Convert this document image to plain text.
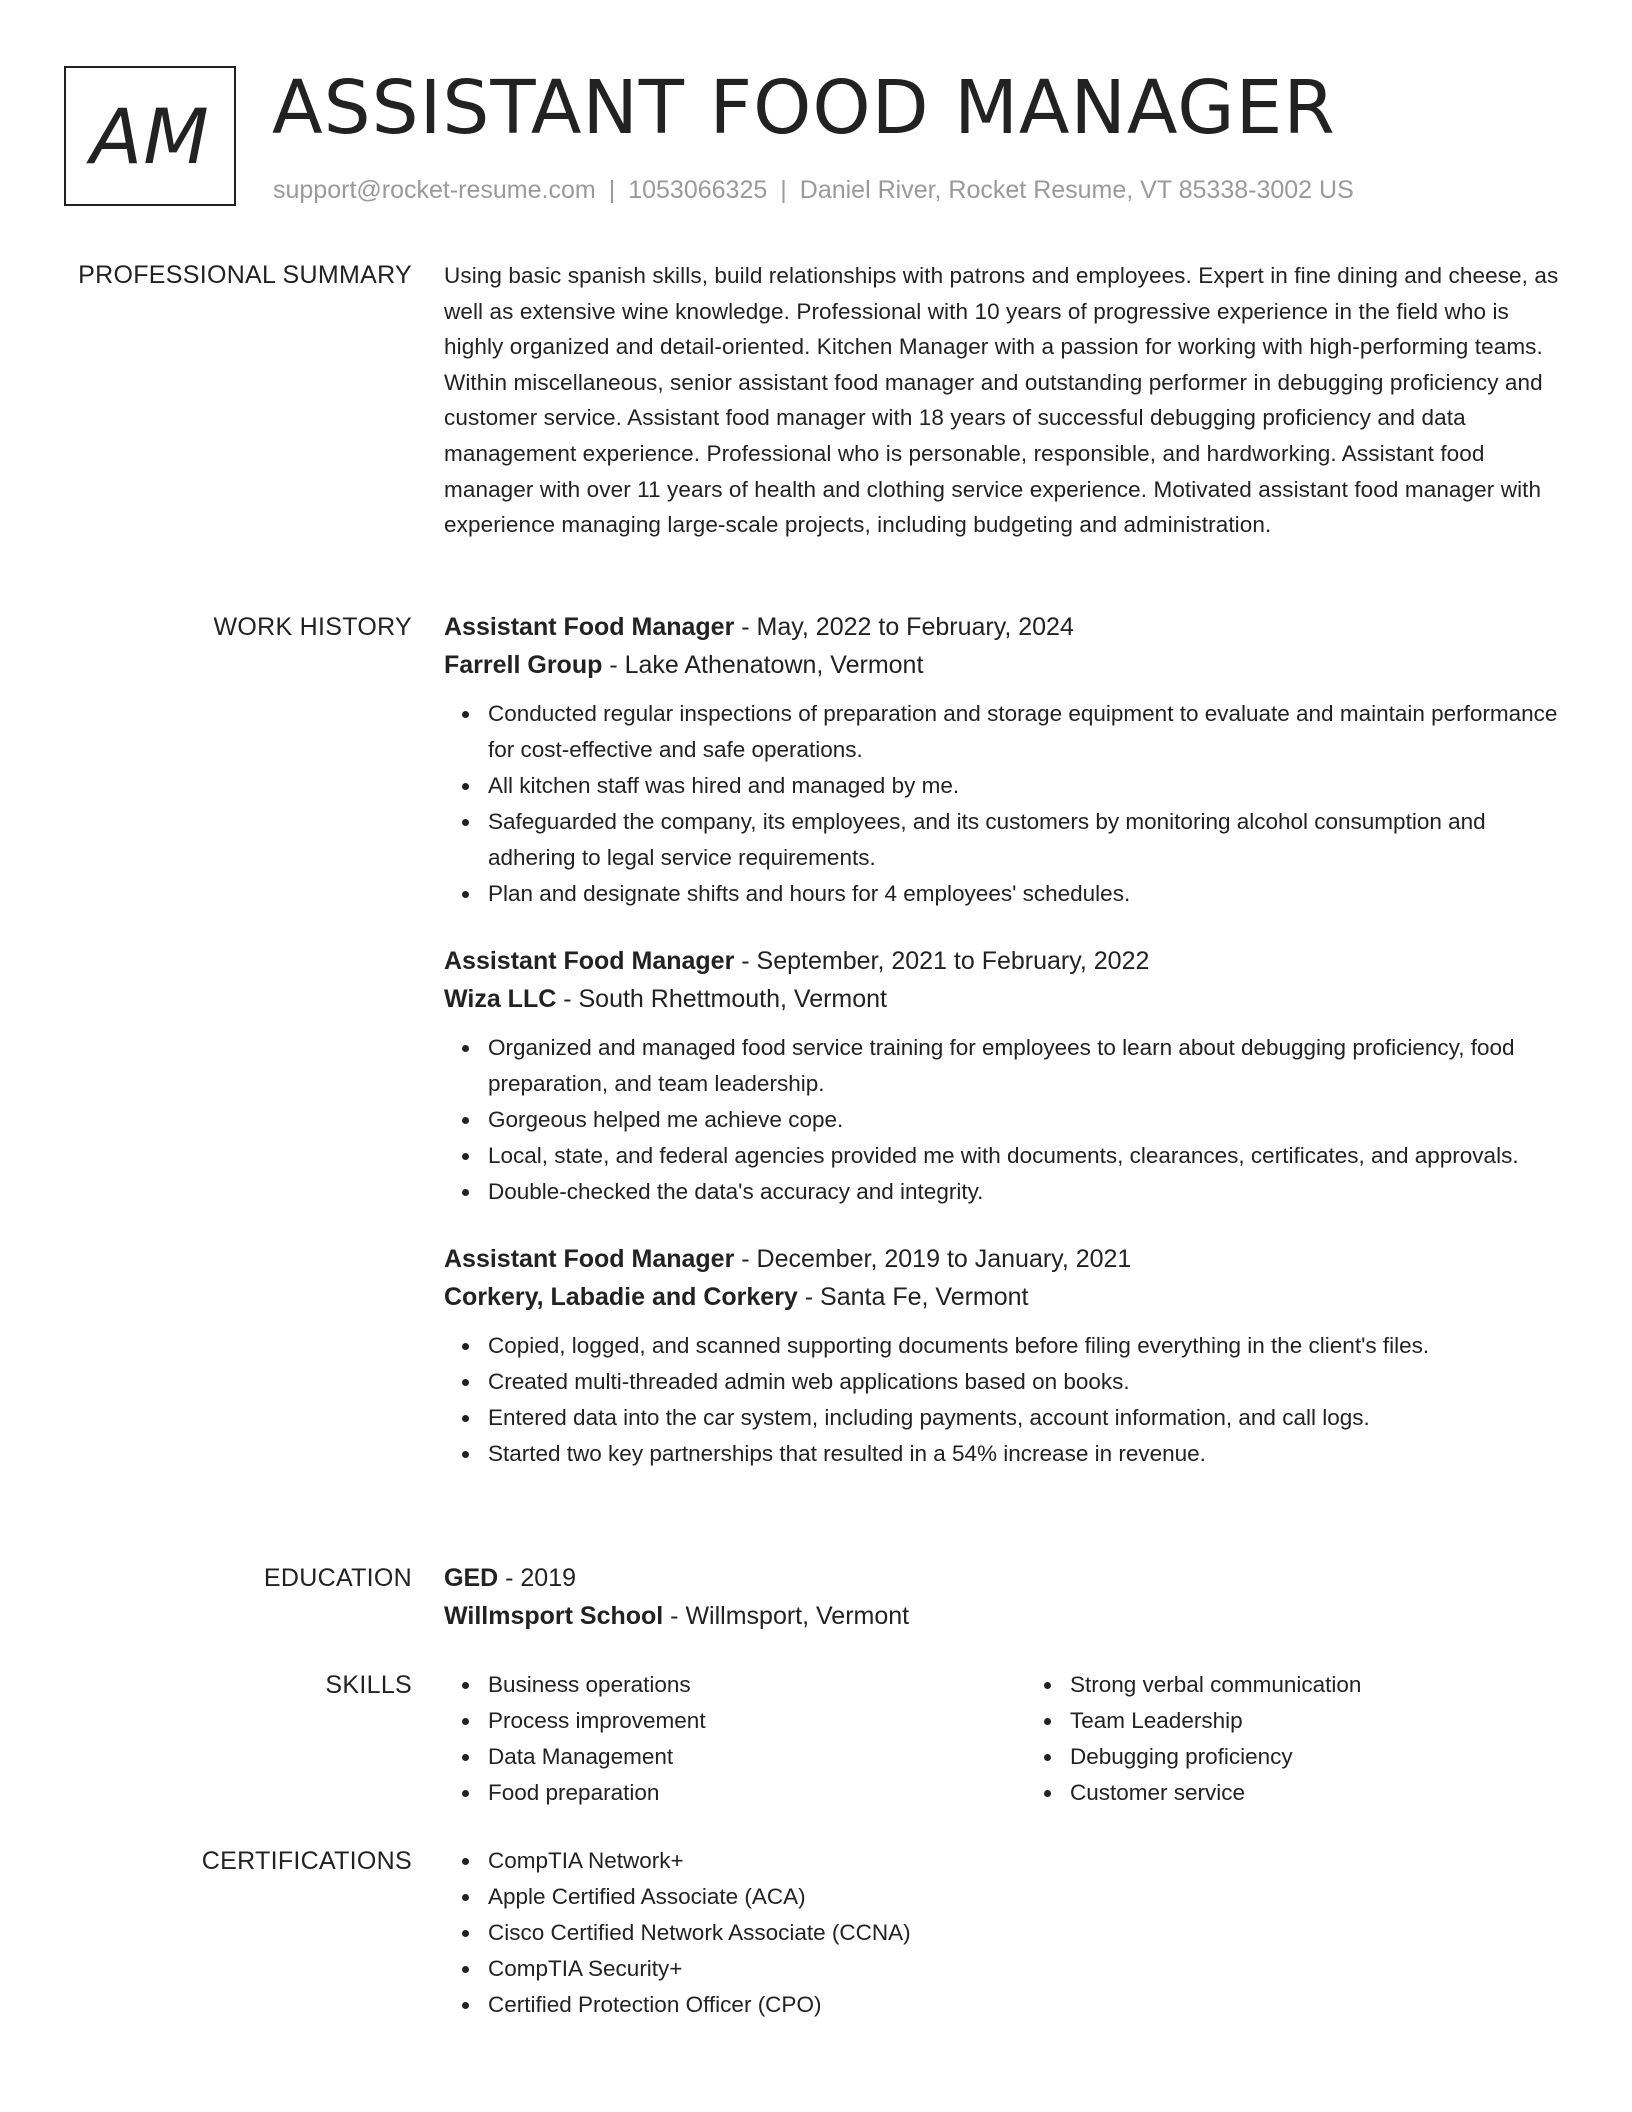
AM ASSISTANT FOOD MANAGER
support@rocket-resume.com | 1053066325 | Daniel River, Rocket Resume, VT 85338-3002 US
PROFESSIONAL SUMMARY Using basic spanish skills, build relationships with patrons and employees. Expert in fine dining and cheese, as well as extensive wine knowledge. Professional with 10 years of progressive experience in the field who is highly organized and detail-oriented. Kitchen Manager with a passion for working with high-performing teams. Within miscellaneous, senior assistant food manager and outstanding performer in debugging proficiency and customer service. Assistant food manager with 18 years of successful debugging proficiency and data management experience. Professional who is personable, responsible, and hardworking. Assistant food manager with over 11 years of health and clothing service experience. Motivated assistant food manager with experience managing large-scale projects, including budgeting and administration.

WORK HISTORY Assistant Food Manager - May, 2022 to February, 2024
Farrell Group - Lake Athenatown, Vermont
Conducted regular inspections of preparation and storage equipment to evaluate and maintain performance for cost-effective and safe operations.
All kitchen staff was hired and managed by me.
Safeguarded the company, its employees, and its customers by monitoring alcohol consumption and adhering to legal service requirements.
Plan and designate shifts and hours for 4 employees' schedules.
Assistant Food Manager - September, 2021 to February, 2022
Wiza LLC - South Rhettmouth, Vermont
Organized and managed food service training for employees to learn about debugging proficiency, food preparation, and team leadership.
Gorgeous helped me achieve cope.
Local, state, and federal agencies provided me with documents, clearances, certificates, and approvals.
Double-checked the data's accuracy and integrity.
Assistant Food Manager - December, 2019 to January, 2021
Corkery, Labadie and Corkery - Santa Fe, Vermont
Copied, logged, and scanned supporting documents before filing everything in the client's files.
Created multi-threaded admin web applications based on books.
Entered data into the car system, including payments, account information, and call logs.
Started two key partnerships that resulted in a 54% increase in revenue.
EDUCATION GED - 2019
Willmsport School - Willmsport, Vermont
SKILLS	Business operations
Process improvement
Data Management
Food preparation
Strong verbal communication
Team Leadership
Debugging proficiency
Customer service
CERTIFICATIONS	CompTIA Network+
Apple Certified Associate (ACA)
Cisco Certified Network Associate (CCNA)
CompTIA Security+
Certified Protection Officer (CPO)
